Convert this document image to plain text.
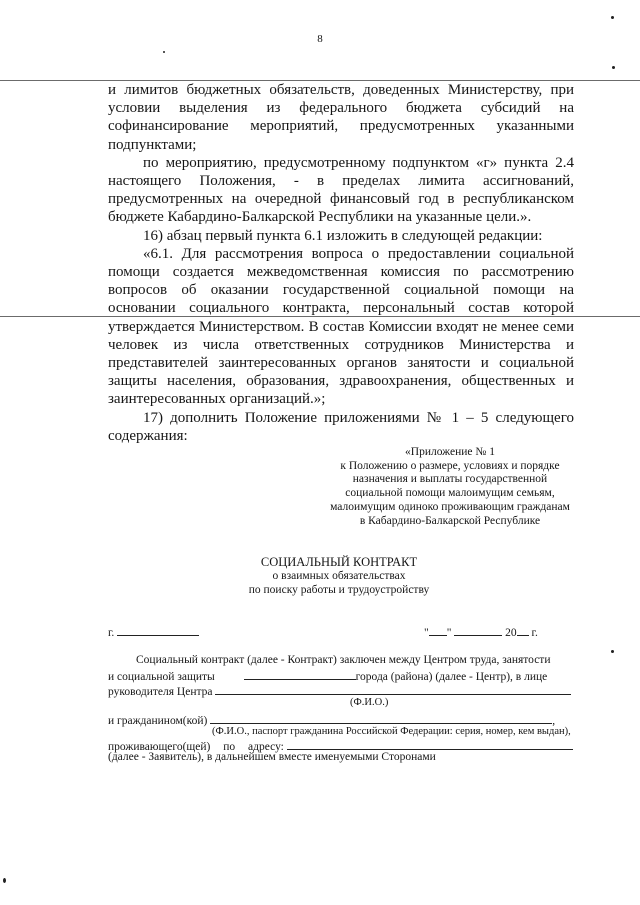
8

и лимитов бюджетных обязательств, доведенных Министерству, при условии выделения из федерального бюджета субсидий на софинансирование мероприятий, предусмотренных указанными подпунктами;

по мероприятию, предусмотренному подпунктом «г» пункта 2.4 настоящего Положения, - в пределах лимита ассигнований, предусмотренных на очередной финансовый год в республиканском бюджете Кабардино-Балкарской Республики на указанные цели.».

16) абзац первый пункта 6.1 изложить в следующей редакции:

«6.1. Для рассмотрения вопроса о предоставлении социальной помощи создается межведомственная комиссия по рассмотрению вопросов об оказании государственной социальной помощи на основании социального контракта, персональный состав которой утверждается Министерством. В состав Комиссии входят не менее семи человек из числа ответственных сотрудников Министерства и представителей заинтересованных органов занятости и социальной защиты населения, образования, здравоохранения, общественных и заинтересованных организаций.»;

17) дополнить Положение приложениями № 1 – 5 следующего содержания:

«Приложение № 1
к Положению о размере, условиях и порядке
назначения и выплаты государственной
социальной помощи малоимущим семьям,
малоимущим одиноко проживающим гражданам
в Кабардино-Балкарской Республике
СОЦИАЛЬНЫЙ КОНТРАКТ
о взаимных обязательствах
по поиску работы и трудоустройству
г.	" "	20 г.
Социальный контракт (далее - Контракт) заключен между Центром труда, занятости
и социальной защиты	города (района) (далее - Центр), в лице
руководителя Центра
(Ф.И.О.)
и гражданином(кой)	,
(Ф.И.О., паспорт гражданина Российской Федерации: серия, номер, кем выдан),
проживающего(щей) по адресу:
(далее - Заявитель), в дальнейшем вместе именуемыми Сторонами
